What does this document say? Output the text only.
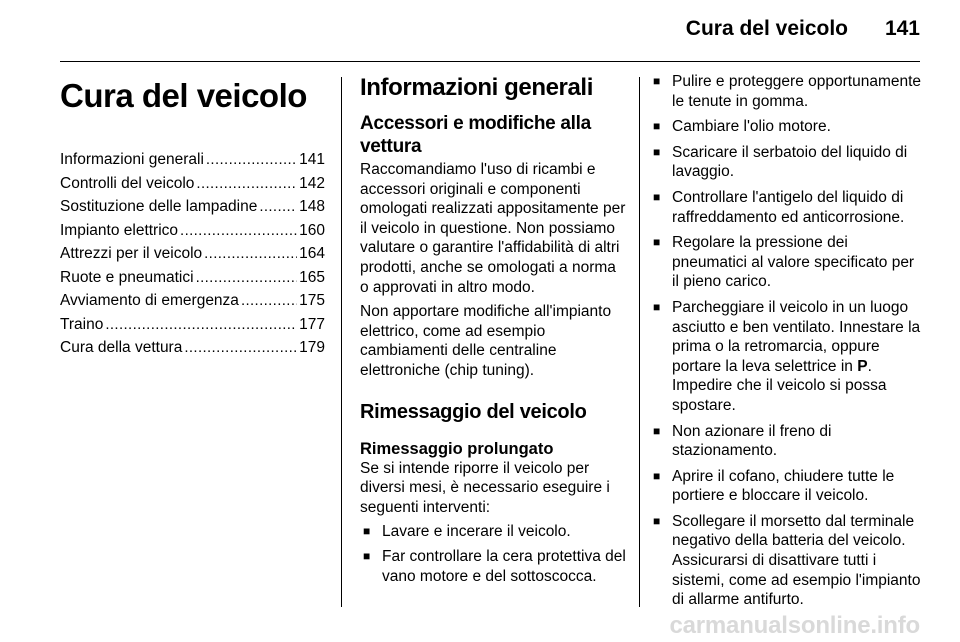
Cura del veicolo 141
Cura del veicolo
Informazioni generali . . .	141
Controlli del veicolo . . .	142
Sostituzione delle lampadine . . .	148
Impianto elettrico . . .	160
Attrezzi per il veicolo . . .	164
Ruote e pneumatici . . .	165
Avviamento di emergenza . . .	175
Traino . . .	177
Cura della vettura . . .	179
Informazioni generali
Accessori e modifiche alla vettura

Raccomandiamo l'uso di ricambi e accessori originali e componenti omologati realizzati appositamente per il veicolo in questione. Non possiamo valutare o garantire l'affidabilità di altri prodotti, anche se omologati a norma o approvati in altro modo.

Non apportare modifiche all'impianto elettrico, come ad esempio cambiamenti delle centraline elettroniche (chip tuning).

Rimessaggio del veicolo
Rimessaggio prolungato

Se si intende riporre il veicolo per diversi mesi, è necessario eseguire i seguenti interventi:

■ Lavare e incerare il veicolo.
■ Far controllare la cera protettiva del vano motore e del sottoscocca.
■ Pulire e proteggere opportunamente le tenute in gomma.
■ Cambiare l'olio motore.
■ Scaricare il serbatoio del liquido di lavaggio.
■ Controllare l'antigelo del liquido di raffreddamento ed anticorrosione.
■ Regolare la pressione dei pneumatici al valore specificato per il pieno carico.
■ Parcheggiare il veicolo in un luogo asciutto e ben ventilato. Innestare la prima o la retromarcia, oppure portare la leva selettrice in P. Impedire che il veicolo si possa spostare.
■ Non azionare il freno di stazionamento.
■ Aprire il cofano, chiudere tutte le portiere e bloccare il veicolo.
■ Scollegare il morsetto dal terminale negativo della batteria del veicolo. Assicurarsi di disattivare tutti i sistemi, come ad esempio l'impianto di allarme antifurto.
carmanualsonline.info
